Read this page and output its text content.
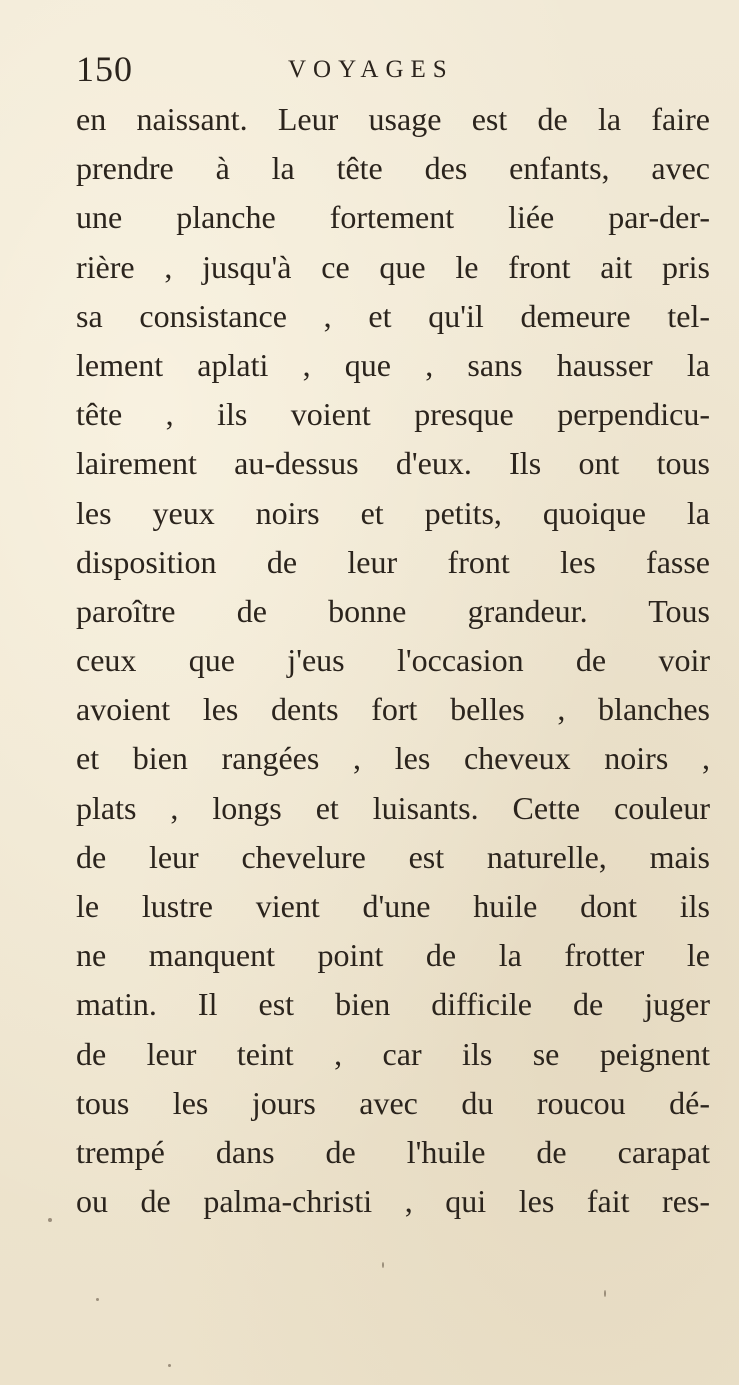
150	VOYAGES
en naissant. Leur usage est de la faire
prendre à la tête des enfants, avec
une planche fortement liée par-der-
rière , jusqu'à ce que le front ait pris
sa consistance , et qu'il demeure tel-
lement aplati , que , sans hausser la
tête , ils voient presque perpendicu-
lairement au-dessus d'eux. Ils ont tous
les yeux noirs et petits, quoique la
disposition de leur front les fasse
paroître de bonne grandeur. Tous
ceux que j'eus l'occasion de voir
avoient les dents fort belles , blanches
et bien rangées , les cheveux noirs ,
plats , longs et luisants. Cette couleur
de leur chevelure est naturelle, mais
le lustre vient d'une huile dont ils
ne manquent point de la frotter le
matin. Il est bien difficile de juger
de leur teint , car ils se peignent
tous les jours avec du roucou dé-
trempé dans de l'huile de carapat
ou de palma-christi , qui les fait res-
